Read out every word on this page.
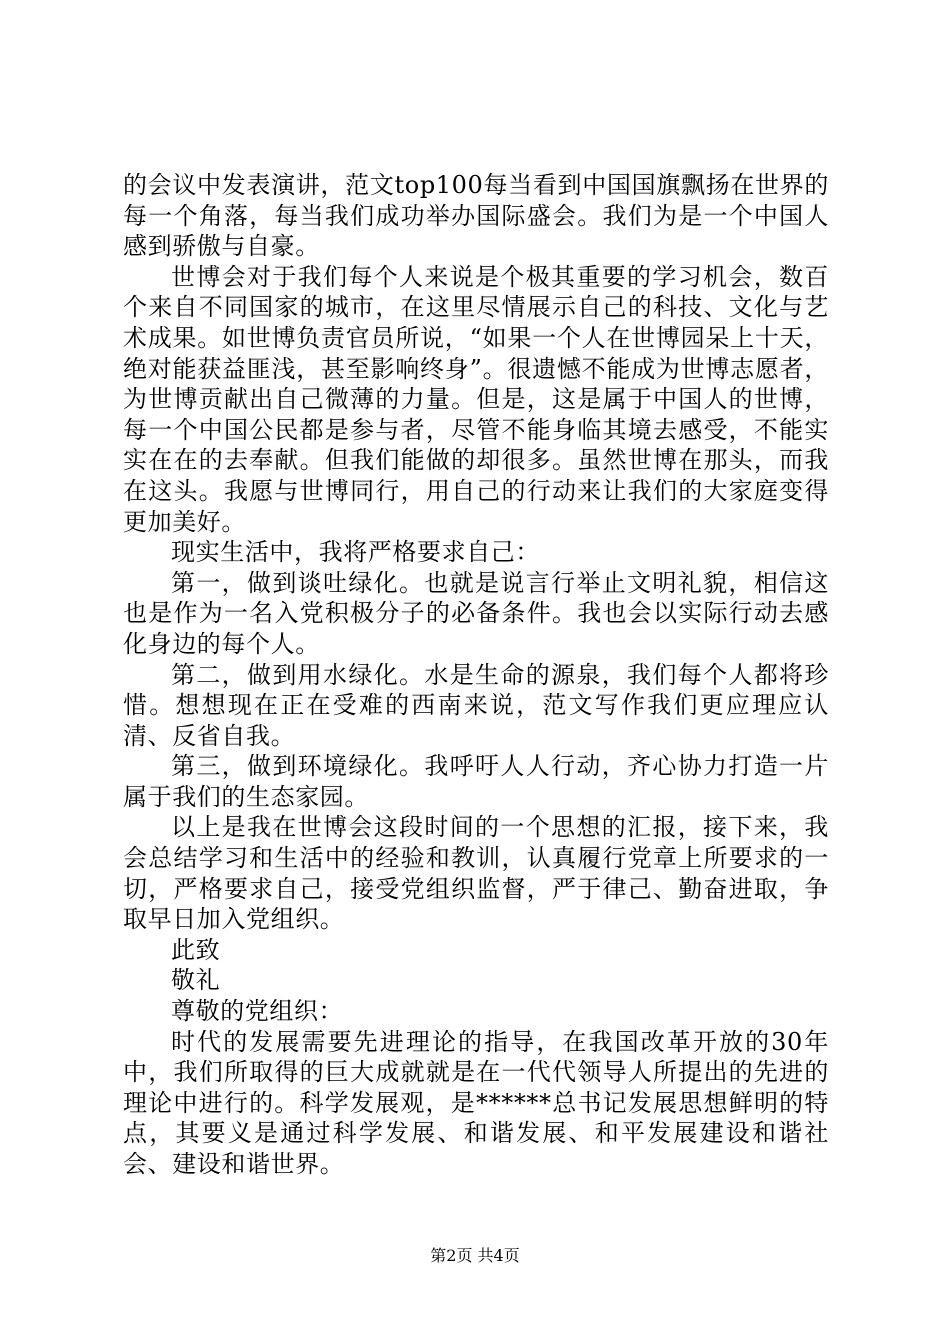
的会议中发表演讲，范文top100每当看到中国国旗飘扬在世界的每一个角落，每当我们成功举办国际盛会。我们为是一个中国人感到骄傲与自豪。

世博会对于我们每个人来说是个极其重要的学习机会，数百个来自不同国家的城市，在这里尽情展示自己的科技、文化与艺术成果。如世博负责官员所说，“如果一个人在世博园呆上十天，绝对能获益匪浅，甚至影响终身”。很遗憾不能成为世博志愿者，为世博贡献出自己微薄的力量。但是，这是属于中国人的世博，每一个中国公民都是参与者，尽管不能身临其境去感受，不能实实在在的去奉献。但我们能做的却很多。虽然世博在那头，而我在这头。我愿与世博同行，用自己的行动来让我们的大家庭变得更加美好。

现实生活中，我将严格要求自己：

第一，做到谈吐绿化。也就是说言行举止文明礼貌，相信这也是作为一名入党积极分子的必备条件。我也会以实际行动去感化身边的每个人。

第二，做到用水绿化。水是生命的源泉，我们每个人都将珍惜。想想现在正在受难的西南来说，范文写作我们更应理应认清、反省自我。

第三，做到环境绿化。我呼吁人人行动，齐心协力打造一片属于我们的生态家园。

以上是我在世博会这段时间的一个思想的汇报，接下来，我会总结学习和生活中的经验和教训，认真履行党章上所要求的一切，严格要求自己，接受党组织监督，严于律己、勤奋进取，争取早日加入党组织。

此致

敬礼

尊敬的党组织：

时代的发展需要先进理论的指导，在我国改革开放的30年中，我们所取得的巨大成就就是在一代代领导人所提出的先进的理论中进行的。科学发展观，是******总书记发展思想鲜明的特点，其要义是通过科学发展、和谐发展、和平发展建设和谐社会、建设和谐世界。

第2页 共4页
